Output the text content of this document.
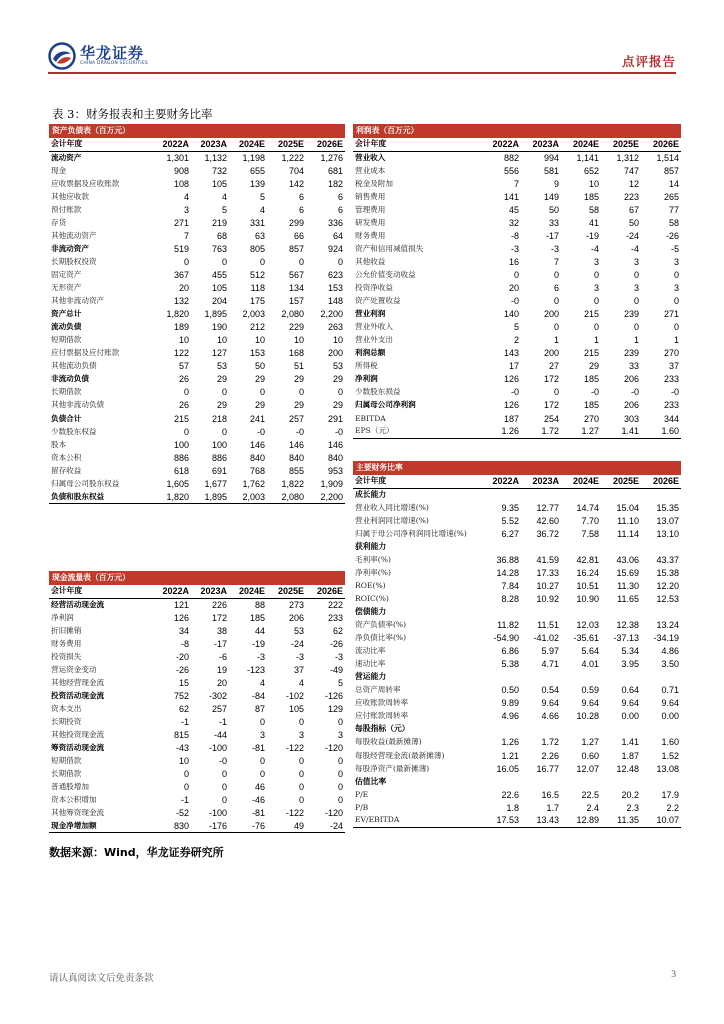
华龙证券
CHINA DRAGON SECURITIES	点评报告
表 3：财务报表和主要财务比率
资产负债表（百万元）					
会计年度	2022A	2023A	2024E	2025E	2026E
流动资产	1,301	1,132	1,198	1,222	1,276
现金	908	732	655	704	681
应收票据及应收账款	108	105	139	142	182
其他应收款	4	4	5	6	6
预付账款	3	5	4	6	6
存货	271	219	331	299	336
其他流动资产	7	68	63	66	64
非流动资产	519	763	805	857	924
长期股权投资	0	0	0	0	0
固定资产	367	455	512	567	623
无形资产	20	105	118	134	153
其他非流动资产	132	204	175	157	148
资产总计	1,820	1,895	2,003	2,080	2,200
流动负债	189	190	212	229	263
短期借款	10	10	10	10	10
应付票据及应付账款	122	127	153	168	200
其他流动负债	57	53	50	51	53
非流动负债	26	29	29	29	29
长期借款	0	0	0	0	0
其他非流动负债	26	29	29	29	29
负债合计	215	218	241	257	291
少数股东权益	0	0	-0	-0	-0
股本	100	100	146	146	146
资本公积	886	886	840	840	840
留存收益	618	691	768	855	953
归属母公司股东权益	1,605	1,677	1,762	1,822	1,909
负债和股东权益	1,820	1,895	2,003	2,080	2,200
利润表（百万元）					
会计年度	2022A	2023A	2024E	2025E	2026E
营业收入	882	994	1,141	1,312	1,514
营业成本	556	581	652	747	857
税金及附加	7	9	10	12	14
销售费用	141	149	185	223	265
管理费用	45	50	58	67	77
研发费用	32	33	41	50	58
财务费用	-8	-17	-19	-24	-26
资产和信用减值损失	-3	-3	-4	-4	-5
其他收益	16	7	3	3	3
公允价值变动收益	0	0	0	0	0
投资净收益	20	6	3	3	3
资产处置收益	-0	0	0	0	0
营业利润	140	200	215	239	271
营业外收入	5	0	0	0	0
营业外支出	2	1	1	1	1
利润总额	143	200	215	239	270
所得税	17	27	29	33	37
净利润	126	172	185	206	233
少数股东损益	-0	0	-0	-0	-0
归属母公司净利润	126	172	185	206	233
EBITDA	187	254	270	303	344
EPS（元）	1.26	1.72	1.27	1.41	1.60
主要财务比率					
会计年度	2022A	2023A	2024E	2025E	2026E
成长能力					
营业收入同比增速(%)	9.35	12.77	14.74	15.04	15.35
营业利润同比增速(%)	5.52	42.60	7.70	11.10	13.07
归属于母公司净利润同比增速(%)	6.27	36.72	7.58	11.14	13.10
获利能力					
毛利率(%)	36.88	41.59	42.81	43.06	43.37
净利率(%)	14.28	17.33	16.24	15.69	15.38
ROE(%)	7.84	10.27	10.51	11.30	12.20
ROIC(%)	8.28	10.92	10.90	11.65	12.53
偿债能力					
资产负债率(%)	11.82	11.51	12.03	12.38	13.24
净负债比率(%)	-54.90	-41.02	-35.61	-37.13	-34.19
流动比率	6.86	5.97	5.64	5.34	4.86
速动比率	5.38	4.71	4.01	3.95	3.50
营运能力					
总资产周转率	0.50	0.54	0.59	0.64	0.71
应收账款周转率	9.89	9.64	9.64	9.64	9.64
应付账款周转率	4.96	4.66	10.28	0.00	0.00
每股指标（元）					
每股收益(最新摊薄)	1.26	1.72	1.27	1.41	1.60
每股经营现金流(最新摊薄)	1.21	2.26	0.60	1.87	1.52
每股净资产(最新摊薄)	16.05	16.77	12.07	12.48	13.08
估值比率					
P/E	22.6	16.5	22.5	20.2	17.9
P/B	1.8	1.7	2.4	2.3	2.2
EV/EBITDA	17.53	13.43	12.89	11.35	10.07
现金流量表（百万元）					
会计年度	2022A	2023A	2024E	2025E	2026E
经营活动现金流	121	226	88	273	222
净利润	126	172	185	206	233
折旧摊销	34	38	44	53	62
财务费用	-8	-17	-19	-24	-26
投资损失	-20	-6	-3	-3	-3
营运资金变动	-26	19	-123	37	-49
其他经营现金流	15	20	4	4	5
投资活动现金流	752	-302	-84	-102	-126
资本支出	62	257	87	105	129
长期投资	-1	-1	0	0	0
其他投资现金流	815	-44	3	3	3
筹资活动现金流	-43	-100	-81	-122	-120
短期借款	10	-0	0	0	0
长期借款	0	0	0	0	0
普通股增加	0	0	46	0	0
资本公积增加	-1	0	-46	0	0
其他筹资现金流	-52	-100	-81	-122	-120
现金净增加额	830	-176	-76	49	-24
数据来源：Wind，华龙证券研究所
请认真阅读文后免责条款	3
